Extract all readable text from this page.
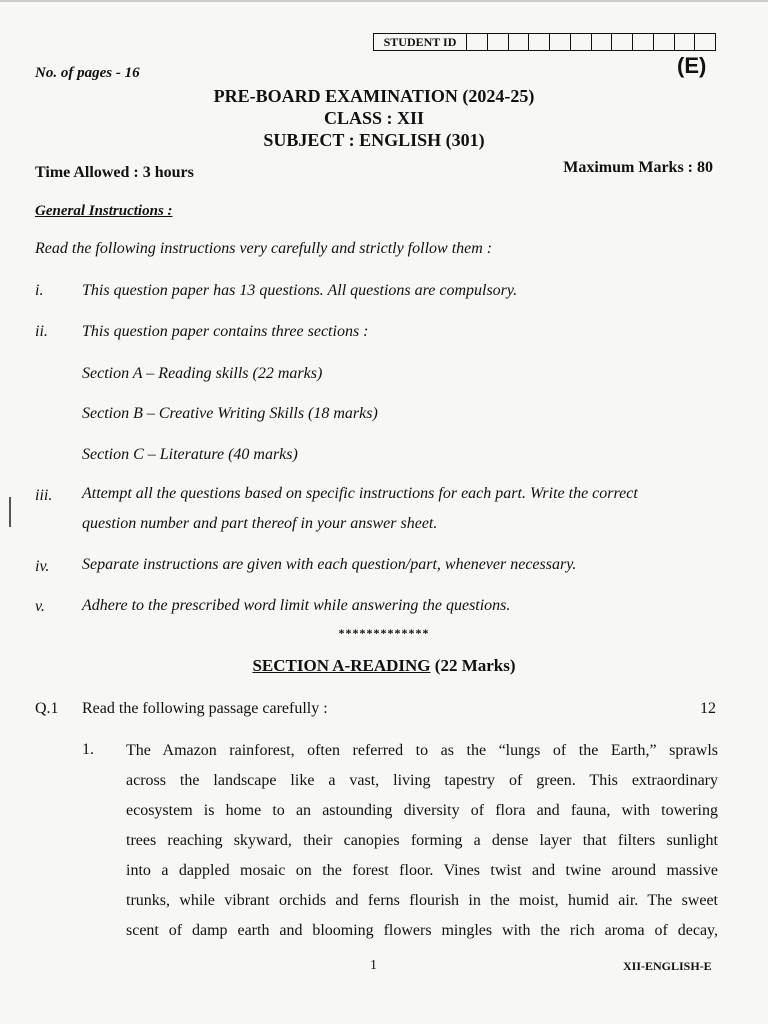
STUDENT ID
No. of pages - 16	(E)
PRE-BOARD EXAMINATION (2024-25)
CLASS : XII
SUBJECT : ENGLISH (301)
Time Allowed : 3 hours	Maximum Marks : 80
General Instructions :
Read the following instructions very carefully and strictly follow them :
i. This question paper has 13 questions. All questions are compulsory.
ii. This question paper contains three sections :
Section A – Reading skills (22 marks)
Section B – Creative Writing Skills (18 marks)
Section C – Literature (40 marks)
iii. Attempt all the questions based on specific instructions for each part. Write the correct
question number and part thereof in your answer sheet.
iv. Separate instructions are given with each question/part, whenever necessary.
v. Adhere to the prescribed word limit while answering the questions.
*************
SECTION A-READING (22 Marks)
Q.1 Read the following passage carefully :	12
1. The Amazon rainforest, often referred to as the “lungs of the Earth,” sprawls
across the landscape like a vast, living tapestry of green. This extraordinary
ecosystem is home to an astounding diversity of flora and fauna, with towering
trees reaching skyward, their canopies forming a dense layer that filters sunlight
into a dappled mosaic on the forest floor. Vines twist and twine around massive
trunks, while vibrant orchids and ferns flourish in the moist, humid air. The sweet
scent of damp earth and blooming flowers mingles with the rich aroma of decay,
1	XII-ENGLISH-E
